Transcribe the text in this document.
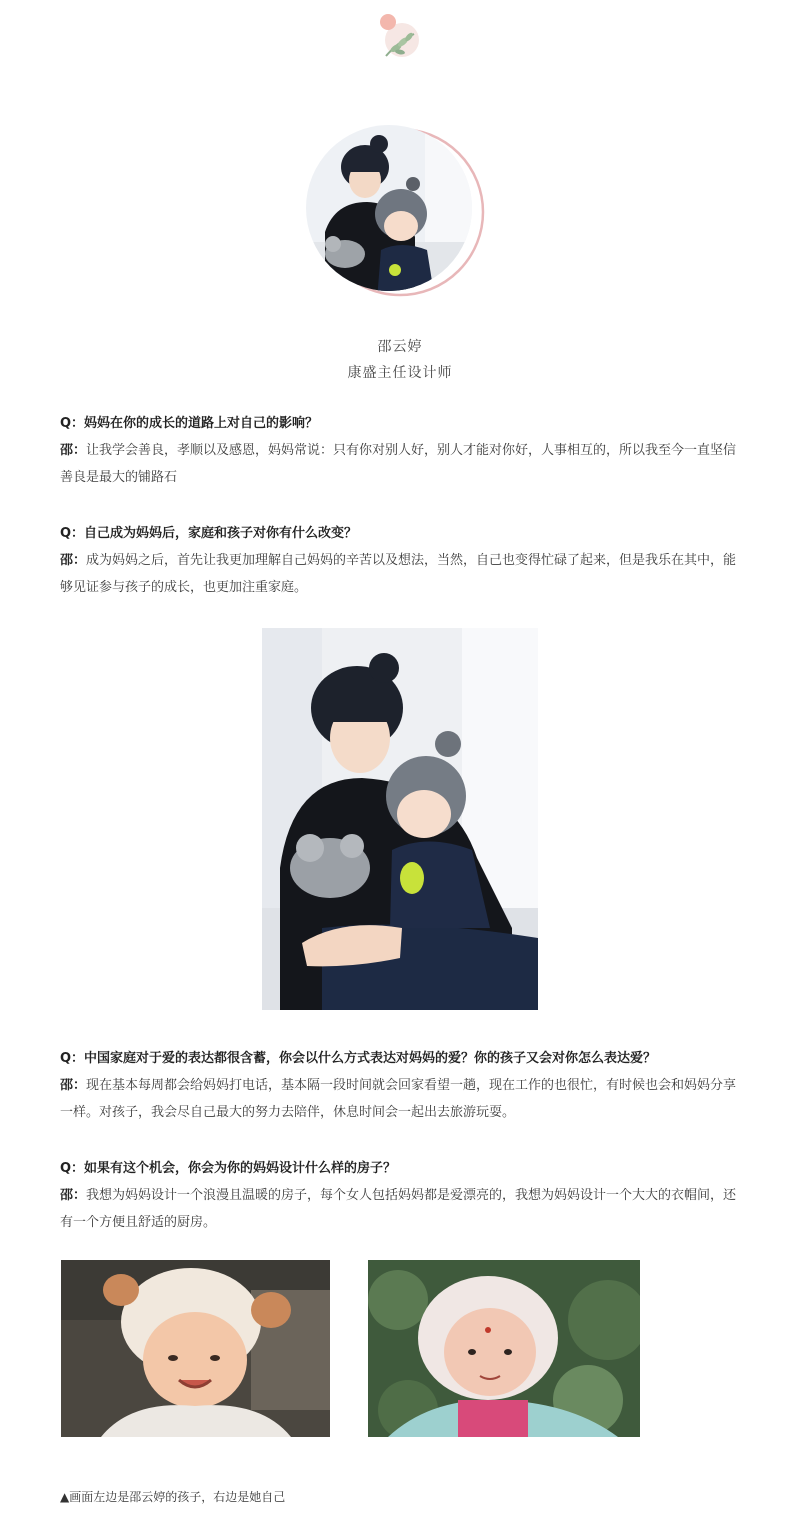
邵云婷
康盛主任设计师
Q：妈妈在你的成长的道路上对自己的影响？
邵：让我学会善良，孝顺以及感恩，妈妈常说：只有你对别人好，别人才能对你好，人事相互的，所以我至今一直坚信善良是最大的铺路石
Q：自己成为妈妈后，家庭和孩子对你有什么改变？
邵：成为妈妈之后，首先让我更加理解自己妈妈的辛苦以及想法，当然，自己也变得忙碌了起来，但是我乐在其中，能够见证参与孩子的成长，也更加注重家庭。
Q：中国家庭对于爱的表达都很含蓄，你会以什么方式表达对妈妈的爱？你的孩子又会对你怎么表达爱？
邵：现在基本每周都会给妈妈打电话，基本隔一段时间就会回家看望一趟，现在工作的也很忙，有时候也会和妈妈分享一样。对孩子，我会尽自己最大的努力去陪伴，休息时间会一起出去旅游玩耍。
Q：如果有这个机会，你会为你的妈妈设计什么样的房子？
邵：我想为妈妈设计一个浪漫且温暖的房子，每个女人包括妈妈都是爱漂亮的，我想为妈妈设计一个大大的衣帽间，还有一个方便且舒适的厨房。
▲画面左边是邵云婷的孩子，右边是她自己
